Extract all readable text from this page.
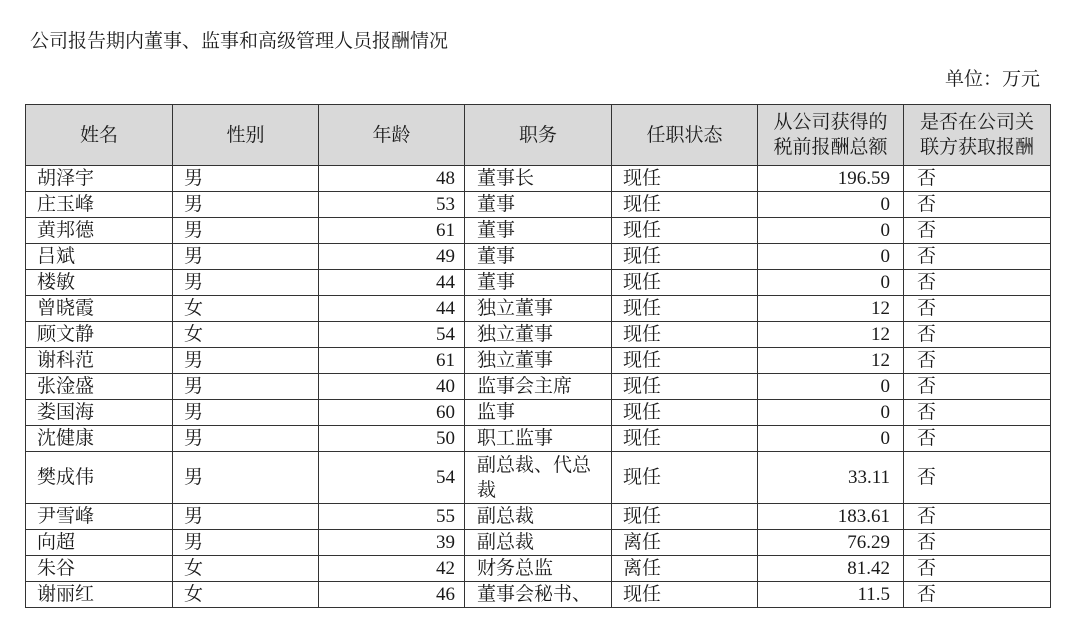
公司报告期内董事、监事和高级管理人员报酬情况
单位：万元
姓名	性别	年龄	职务	任职状态	从公司获得的税前报酬总额	是否在公司关联方获取报酬

胡泽宇	男	48	董事长	现任	196.59	否
庄玉峰	男	53	董事	现任	0	否
黄邦德	男	61	董事	现任	0	否
吕斌	男	49	董事	现任	0	否
楼敏	男	44	董事	现任	0	否
曾晓霞	女	44	独立董事	现任	12	否
顾文静	女	54	独立董事	现任	12	否
谢科范	男	61	独立董事	现任	12	否
张淦盛	男	40	监事会主席	现任	0	否
娄国海	男	60	监事	现任	0	否
沈健康	男	50	职工监事	现任	0	否
樊成伟	男	54	副总裁、代总裁	现任	33.11	否
尹雪峰	男	55	副总裁	现任	183.61	否
向超	男	39	副总裁	离任	76.29	否
朱谷	女	42	财务总监	离任	81.42	否
谢丽红	女	46	董事会秘书、	现任	11.5	否
